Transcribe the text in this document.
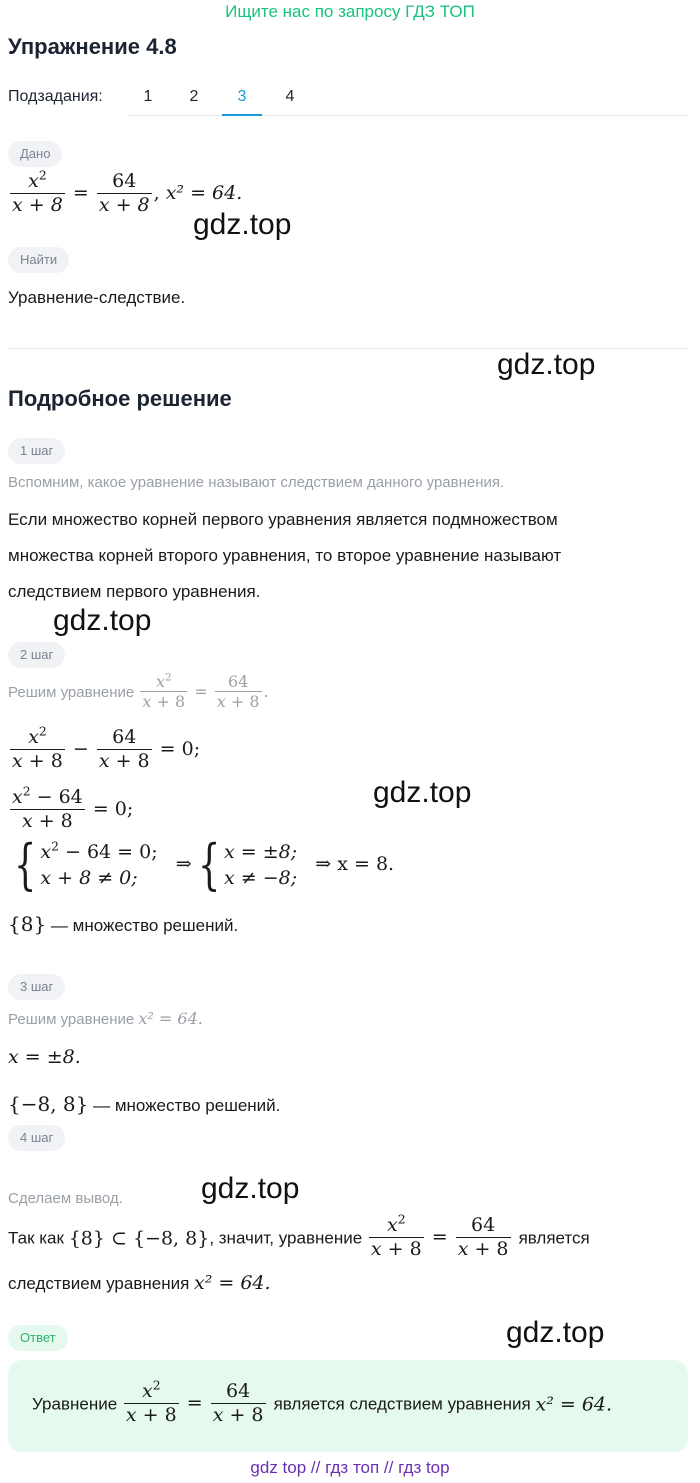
Ищите нас по запросу ГДЗ ТОП
Упражнение 4.8
Подзадания:	1	2	3	4
Дано
$\frac{x^2}{x + 8} = \frac{64}{x + 8}$ , x² = 64.
Найти
Уравнение-следствие.
Подробное решение
1 шаг
Вспомним, какое уравнение называют следствием данного уравнения.
Если множество корней первого уравнения является подмножеством
множества корней второго уравнения, то второе уравнение называют
следствием первого уравнения.
2 шаг
Решим уравнение $\frac{x^2}{x + 8} = \frac{64}{x + 8}$ .
$\frac{x^2}{x + 8} - \frac{64}{x + 8} = 0$;
$\frac{x^2 - 64}{x + 8} = 0$;
{ $x^2 - 64 = 0$;
x + 8 ≠ 0;   ⇒ { x = ±8;
x ≠ −8;   ⇒ x = 8.
{8} — множество решений.
3 шаг
Решим уравнение x² = 64.
x = ±8.
{−8, 8} — множество решений.
4 шаг
Сделаем вывод.
Так как {8} ⊂ {−8, 8}, значит, уравнение $\frac{x^2}{x + 8} = \frac{64}{x + 8}$ является
следствием уравнения x² = 64.
Ответ
Уравнение $\frac{x^2}{x + 8} = \frac{64}{x + 8}$ является следствием уравнения x² = 64.
gdz.top
gdz.top
gdz.top
gdz.top
gdz.top
gdz.top
gdz top // гдз топ // гдз top
